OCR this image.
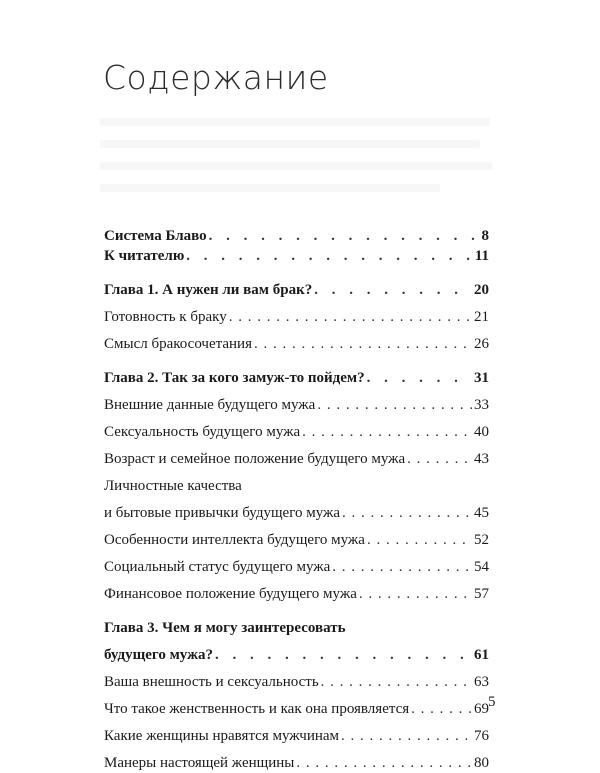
Содержание
Система Блаво . . .	8
К читателю . . .	11
Глава 1. А нужен ли вам брак? . . .	20
Готовность к браку . . .	21
Смысл бракосочетания . . .	26
Глава 2. Так за кого замуж-то пойдем? . . .	31
Внешние данные будущего мужа . . .	33
Сексуальность будущего мужа . . .	40
Возраст и семейное положение будущего мужа . . .	43
Личностные качества
и бытовые привычки будущего мужа . . .	45
Особенности интеллекта будущего мужа . . .	52
Социальный статус будущего мужа . . .	54
Финансовое положение будущего мужа . . .	57
Глава 3. Чем я могу заинтересовать
будущего мужа? . . .	61
Ваша внешность и сексуальность . . .	63
Что такое женственность и как она проявляется . . .	69
Какие женщины нравятся мужчинам . . .	76
Манеры настоящей женщины . . .	80
5
